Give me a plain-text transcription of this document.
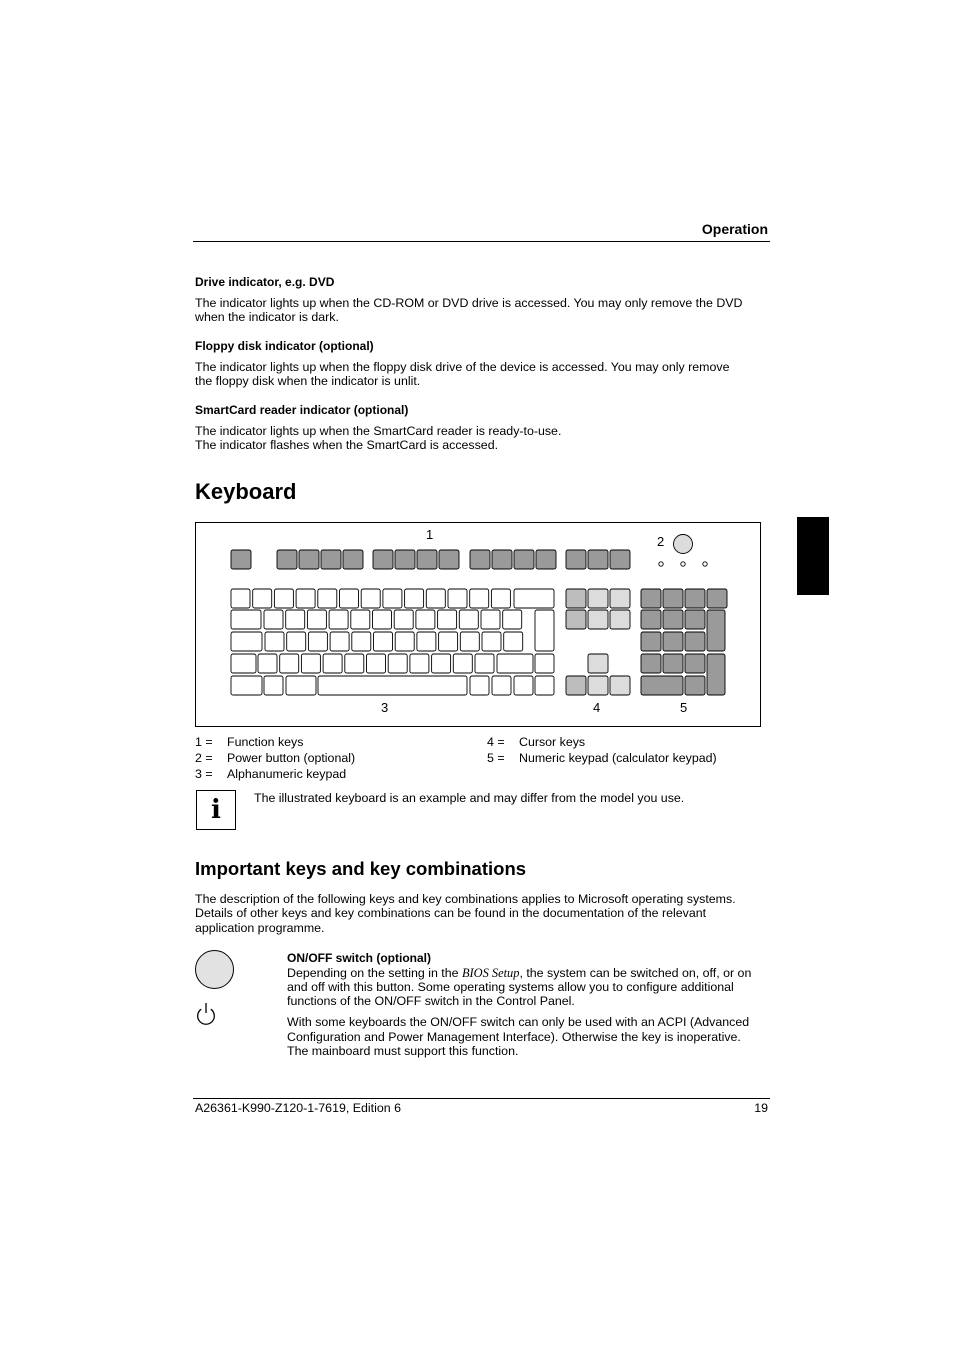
Operation
Drive indicator, e.g. DVD
The indicator lights up when the CD-ROM or DVD drive is accessed. You may only remove the DVD
when the indicator is dark.
Floppy disk indicator (optional)
The indicator lights up when the floppy disk drive of the device is accessed. You may only remove
the floppy disk when the indicator is unlit.
SmartCard reader indicator (optional)
The indicator lights up when the SmartCard reader is ready-to-use.
The indicator flashes when the SmartCard is accessed.
Keyboard
1	2
3	4	5
1 = Function keys
2 = Power button (optional)
3 = Alphanumeric keypad
4 = Cursor keys
5 = Numeric keypad (calculator keypad)
i	The illustrated keyboard is an example and may differ from the model you use.
Important keys and key combinations
The description of the following keys and key combinations applies to Microsoft operating systems.
Details of other keys and key combinations can be found in the documentation of the relevant
application programme.
ON/OFF switch (optional)
Depending on the setting in the BIOS Setup, the system can be switched on, off, or on
and off with this button. Some operating systems allow you to configure additional
functions of the ON/OFF switch in the Control Panel.
With some keyboards the ON/OFF switch can only be used with an ACPI (Advanced
Configuration and Power Management Interface). Otherwise the key is inoperative.
The mainboard must support this function.
A26361-K990-Z120-1-7619, Edition 6	19
